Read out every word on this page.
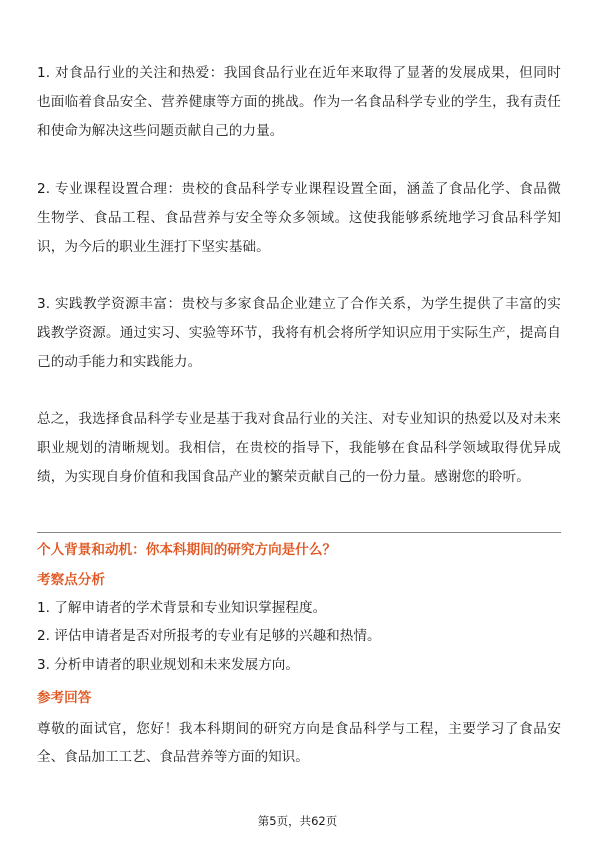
1. 对食品行业的关注和热爱：我国食品行业在近年来取得了显著的发展成果，但同时也面临着食品安全、营养健康等方面的挑战。作为一名食品科学专业的学生，我有责任和使命为解决这些问题贡献自己的力量。

2. 专业课程设置合理：贵校的食品科学专业课程设置全面，涵盖了食品化学、食品微生物学、食品工程、食品营养与安全等众多领域。这使我能够系统地学习食品科学知识，为今后的职业生涯打下坚实基础。

3. 实践教学资源丰富：贵校与多家食品企业建立了合作关系，为学生提供了丰富的实践教学资源。通过实习、实验等环节，我将有机会将所学知识应用于实际生产，提高自己的动手能力和实践能力。

总之，我选择食品科学专业是基于我对食品行业的关注、对专业知识的热爱以及对未来职业规划的清晰规划。我相信，在贵校的指导下，我能够在食品科学领域取得优异成绩，为实现自身价值和我国食品产业的繁荣贡献自己的一份力量。感谢您的聆听。

个人背景和动机：你本科期间的研究方向是什么？
考察点分析
1. 了解申请者的学术背景和专业知识掌握程度。
2. 评估申请者是否对所报考的专业有足够的兴趣和热情。
3. 分析申请者的职业规划和未来发展方向。
参考回答

尊敬的面试官，您好！我本科期间的研究方向是食品科学与工程，主要学习了食品安全、食品加工工艺、食品营养等方面的知识。

第5页，共62页
